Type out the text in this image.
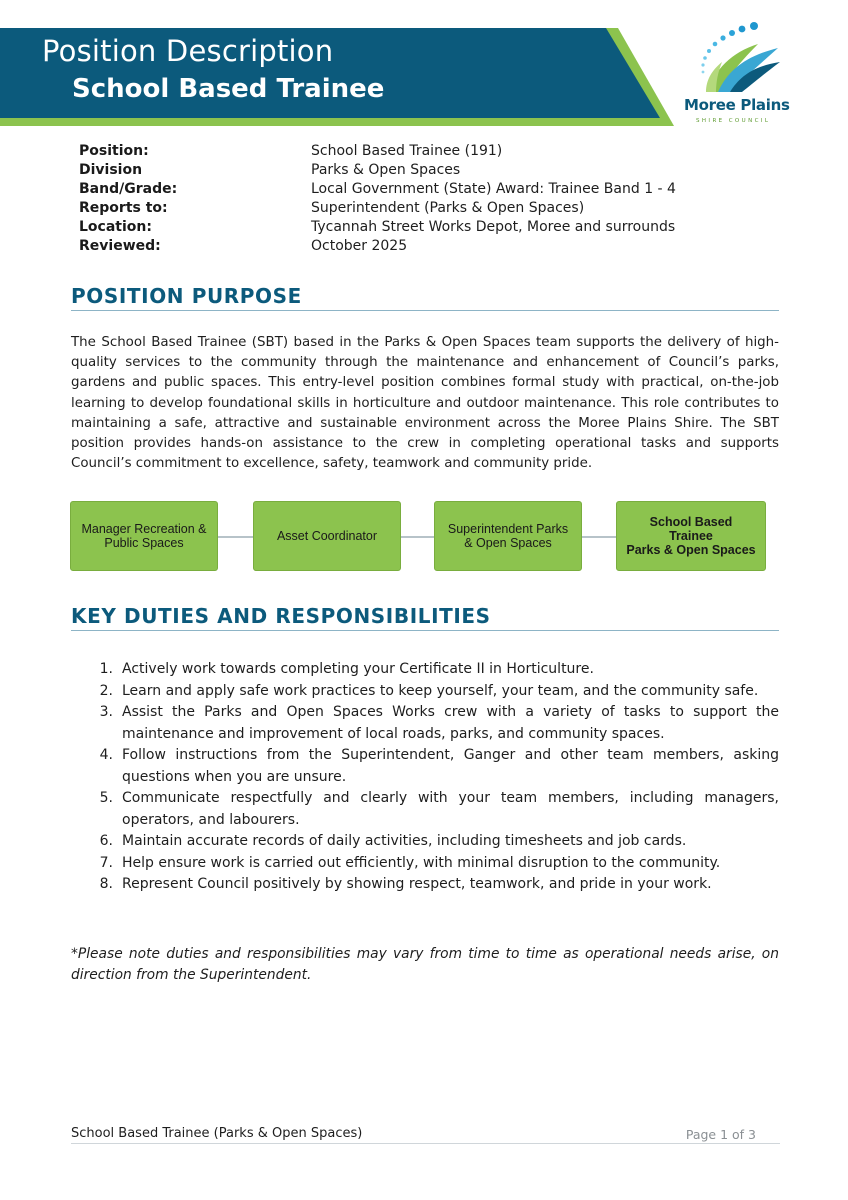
Position Description
School Based Trainee
Moree Plains
SHIRE COUNCIL
Position:	School Based Trainee (191)
Division	Parks & Open Spaces
Band/Grade:	Local Government (State) Award: Trainee Band 1 - 4
Reports to:	Superintendent (Parks & Open Spaces)
Location:	Tycannah Street Works Depot, Moree and surrounds
Reviewed:	October 2025
POSITION PURPOSE
The School Based Trainee (SBT) based in the Parks & Open Spaces team supports the delivery of high-quality services to the community through the maintenance and enhancement of Council’s parks, gardens and public spaces. This entry-level position combines formal study with practical, on-the-job learning to develop foundational skills in horticulture and outdoor maintenance. This role contributes to maintaining a safe, attractive and sustainable environment across the Moree Plains Shire. The SBT position provides hands-on assistance to the crew in completing operational tasks and supports Council’s commitment to excellence, safety, teamwork and community pride.
Manager Recreation &
Public Spaces	Asset Coordinator	Superintendent Parks
& Open Spaces
School Based
Trainee
Parks & Open Spaces
KEY DUTIES AND RESPONSIBILITIES
1. Actively work towards completing your Certificate II in Horticulture.
2. Learn and apply safe work practices to keep yourself, your team, and the community safe.
3. Assist the Parks and Open Spaces Works crew with a variety of tasks to support the maintenance and improvement of local roads, parks, and community spaces.
4. Follow instructions from the Superintendent, Ganger and other team members, asking questions when you are unsure.
5. Communicate respectfully and clearly with your team members, including managers, operators, and labourers.
6. Maintain accurate records of daily activities, including timesheets and job cards.
7. Help ensure work is carried out efficiently, with minimal disruption to the community.
8. Represent Council positively by showing respect, teamwork, and pride in your work.
*Please note duties and responsibilities may vary from time to time as operational needs arise, on direction from the Superintendent.
School Based Trainee (Parks & Open Spaces)	Page 1 of 3
